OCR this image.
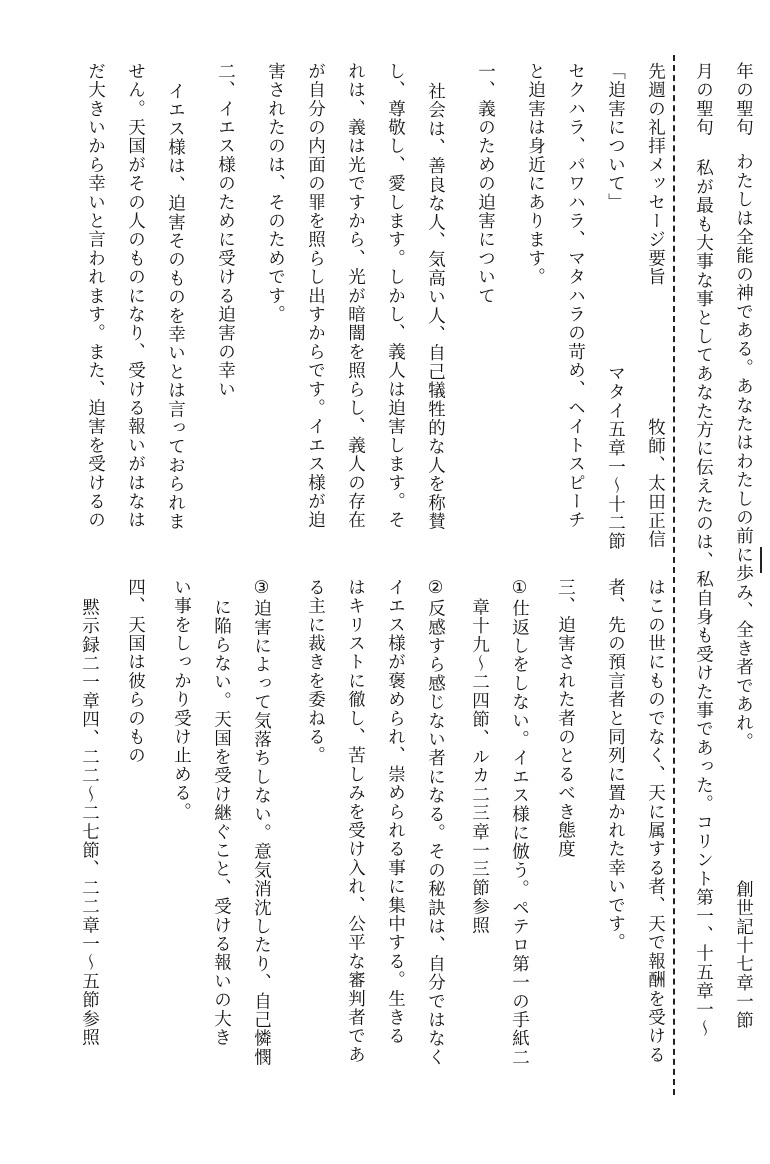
年の聖句わたしは全能の神である。あなたはわたしの前に歩み、全き者であれ。
創世記十七章一節
月の聖句私が最も大事な事としてあなた方に伝えたのは、私自身も受けた事であった。コリント第一、十五章一～
先週の礼拝メッセージ要旨
牧師、太田正信
「迫害について」
マタイ五章一～十二節
セクハラ、パワハラ、マタハラの苛め、ヘイトスピーチ
と迫害は身近にあります。
一、義のための迫害について
社会は、善良な人、気高い人、自己犠牲的な人を称賛
し、尊敬し、愛します。しかし、義人は迫害します。そ
れは、義は光ですから、光が暗闇を照らし、義人の存在
が自分の内面の罪を照らし出すからです。イエス様が迫
害されたのは、そのためです。
二、イエス様のために受ける迫害の幸い
イエス様は、迫害そのものを幸いとは言っておられま
せん。天国がその人のものになり、受ける報いがはなは
だ大きいから幸いと言われます。また、迫害を受けるの
はこの世にものでなく、天に属する者、天で報酬を受ける
者、先の預言者と同列に置かれた幸いです。
三、迫害された者のとるべき態度
①仕返しをしない。イエス様に倣う。ペテロ第一の手紙二
章十九～二四節、ルカ二三章一三節参照
②反感すら感じない者になる。その秘訣は、自分ではなく
イエス様が褒められ、崇められる事に集中する。生きる
はキリストに徹し、苦しみを受け入れ、公平な審判者であ
る主に裁きを委ねる。
③迫害によって気落ちしない。意気消沈したり、自己憐憫
に陥らない。天国を受け継ぐこと、受ける報いの大き
い事をしっかり受け止める。
四、天国は彼らのもの
黙示録二一章四、二二～二七節、二二章一～五節参照
